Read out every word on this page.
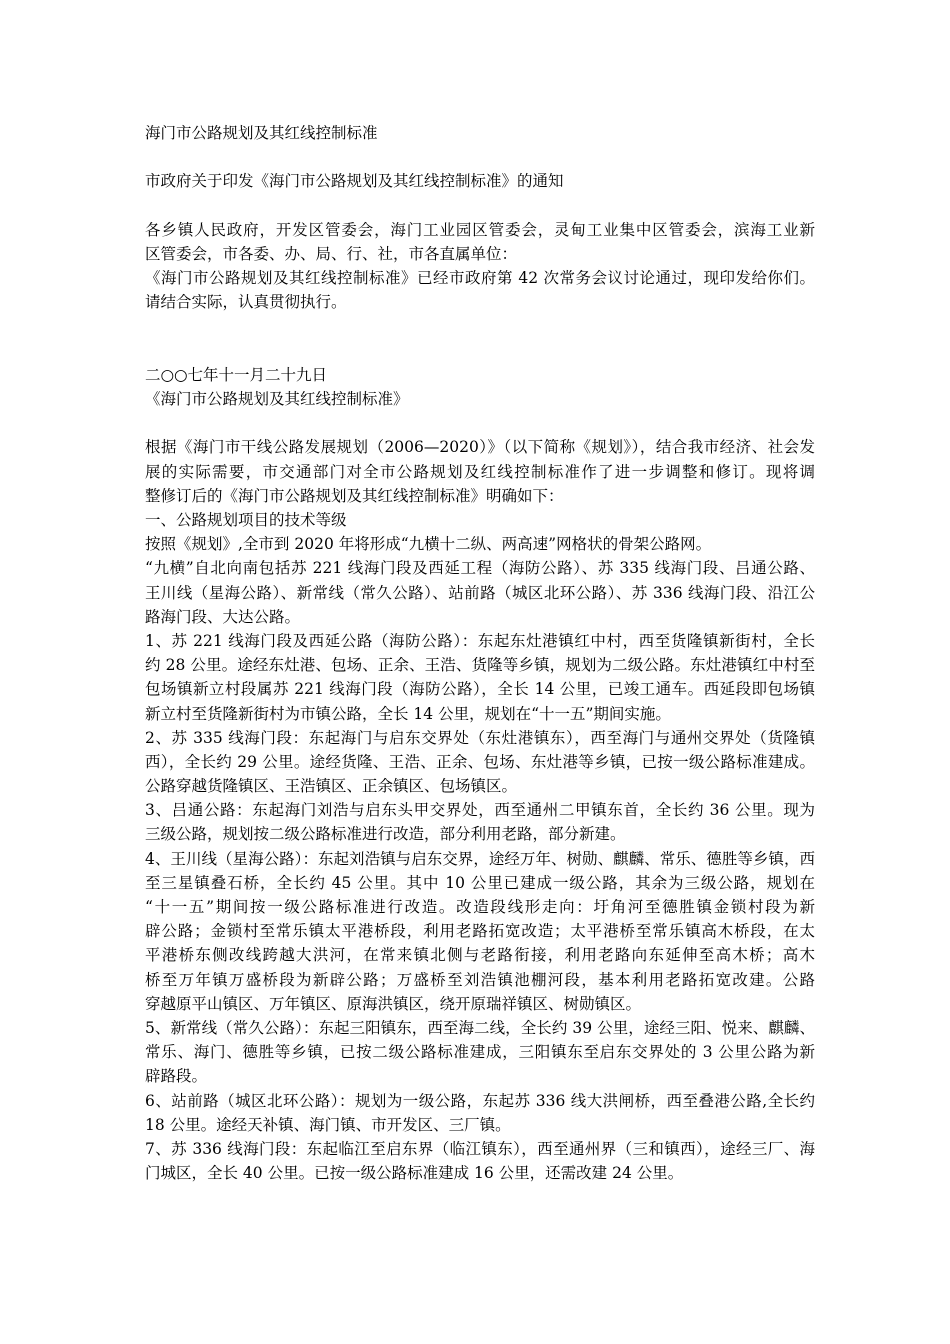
海门市公路规划及其红线控制标准
市政府关于印发《海门市公路规划及其红线控制标准》的通知
各乡镇人民政府，开发区管委会，海门工业园区管委会，灵甸工业集中区管委会，滨海工业新
区管委会，市各委、办、局、行、社，市各直属单位：
《海门市公路规划及其红线控制标准》已经市政府第 42 次常务会议讨论通过，现印发给你们。
请结合实际，认真贯彻执行。
二○○七年十一月二十九日
《海门市公路规划及其红线控制标准》
根据《海门市干线公路发展规划（2006—2020）》（以下简称《规划》），结合我市经济、社会发
展的实际需要，市交通部门对全市公路规划及红线控制标准作了进一步调整和修订。现将调
整修订后的《海门市公路规划及其红线控制标准》明确如下：
一、公路规划项目的技术等级
按照《规划》,全市到 2020 年将形成“九横十二纵、两高速”网格状的骨架公路网。
“九横”自北向南包括苏 221 线海门段及西延工程（海防公路）、苏 335 线海门段、吕通公路、
王川线（星海公路）、新常线（常久公路）、站前路（城区北环公路）、苏 336 线海门段、沿江公
路海门段、大达公路。
1、苏 221 线海门段及西延公路（海防公路）：东起东灶港镇红中村，西至货隆镇新街村，全长
约 28 公里。途经东灶港、包场、正余、王浩、货隆等乡镇，规划为二级公路。东灶港镇红中村至
包场镇新立村段属苏 221 线海门段（海防公路），全长 14 公里，已竣工通车。西延段即包场镇
新立村至货隆新街村为市镇公路，全长 14 公里，规划在“十一五”期间实施。
2、苏 335 线海门段：东起海门与启东交界处（东灶港镇东），西至海门与通州交界处（货隆镇
西），全长约 29 公里。途经货隆、王浩、正余、包场、东灶港等乡镇，已按一级公路标准建成。
公路穿越货隆镇区、王浩镇区、正余镇区、包场镇区。
3、吕通公路：东起海门刘浩与启东头甲交界处，西至通州二甲镇东首，全长约 36 公里。现为
三级公路，规划按二级公路标准进行改造，部分利用老路，部分新建。
4、王川线（星海公路）：东起刘浩镇与启东交界，途经万年、树勋、麒麟、常乐、德胜等乡镇，西
至三星镇叠石桥，全长约 45 公里。其中 10 公里已建成一级公路，其余为三级公路，规划在
“十一五”期间按一级公路标准进行改造。改造段线形走向：圩角河至德胜镇金锁村段为新
辟公路；金锁村至常乐镇太平港桥段，利用老路拓宽改造；太平港桥至常乐镇高木桥段，在太
平港桥东侧改线跨越大洪河，在常来镇北侧与老路衔接，利用老路向东延伸至高木桥；高木
桥至万年镇万盛桥段为新辟公路；万盛桥至刘浩镇池棚河段，基本利用老路拓宽改建。公路
穿越原平山镇区、万年镇区、原海洪镇区，绕开原瑞祥镇区、树勋镇区。
5、新常线（常久公路）：东起三阳镇东，西至海二线，全长约 39 公里，途经三阳、悦来、麒麟、
常乐、海门、德胜等乡镇，已按二级公路标准建成，三阳镇东至启东交界处的 3 公里公路为新
辟路段。
6、站前路（城区北环公路）：规划为一级公路，东起苏 336 线大洪闸桥，西至叠港公路,全长约
18 公里。途经天补镇、海门镇、市开发区、三厂镇。
7、苏 336 线海门段：东起临江至启东界（临江镇东），西至通州界（三和镇西），途经三厂、海
门城区，全长 40 公里。已按一级公路标准建成 16 公里，还需改建 24 公里。
